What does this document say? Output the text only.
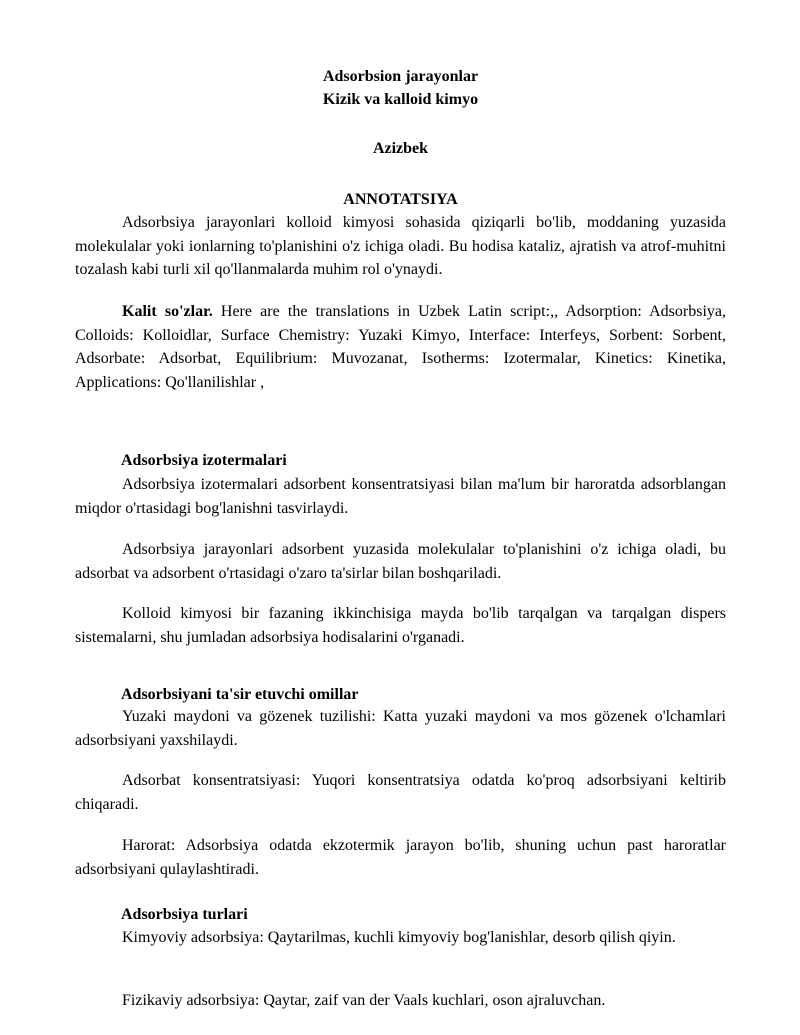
Adsorbsion jarayonlar
Kizik va kalloid kimyo
Azizbek
ANNOTATSIYA

Adsorbsiya jarayonlari kolloid kimyosi sohasida qiziqarli bo'lib, moddaning yuzasida molekulalar yoki ionlarning to'planishini o'z ichiga oladi. Bu hodisa kataliz, ajratish va atrof-muhitni tozalash kabi turli xil qo'llanmalarda muhim rol o'ynaydi.

Kalit so'zlar. Here are the translations in Uzbek Latin script:,, Adsorption: Adsorbsiya, Colloids: Kolloidlar, Surface Chemistry: Yuzaki Kimyo, Interface: Interfeys, Sorbent: Sorbent, Adsorbate: Adsorbat, Equilibrium: Muvozanat, Isotherms: Izotermalar, Kinetics: Kinetika, Applications: Qo'llanilishlar ,

Adsorbsiya izotermalari

Adsorbsiya izotermalari adsorbent konsentratsiyasi bilan ma'lum bir haroratda adsorblangan miqdor o'rtasidagi bog'lanishni tasvirlaydi.

Adsorbsiya jarayonlari adsorbent yuzasida molekulalar to'planishini o'z ichiga oladi, bu adsorbat va adsorbent o'rtasidagi o'zaro ta'sirlar bilan boshqariladi.

Kolloid kimyosi bir fazaning ikkinchisiga mayda bo'lib tarqalgan va tarqalgan dispers sistemalarni, shu jumladan adsorbsiya hodisalarini o'rganadi.

Adsorbsiyani ta'sir etuvchi omillar

Yuzaki maydoni va gözenek tuzilishi: Katta yuzaki maydoni va mos gözenek o'lchamlari adsorbsiyani yaxshilaydi.

Adsorbat konsentratsiyasi: Yuqori konsentratsiya odatda ko'proq adsorbsiyani keltirib chiqaradi.

Harorat: Adsorbsiya odatda ekzotermik jarayon bo'lib, shuning uchun past haroratlar adsorbsiyani qulaylashtiradi.

Adsorbsiya turlari

Kimyoviy adsorbsiya: Qaytarilmas, kuchli kimyoviy bog'lanishlar, desorb qilish qiyin.

Fizikaviy adsorbsiya: Qaytar, zaif van der Vaals kuchlari, oson ajraluvchan.
